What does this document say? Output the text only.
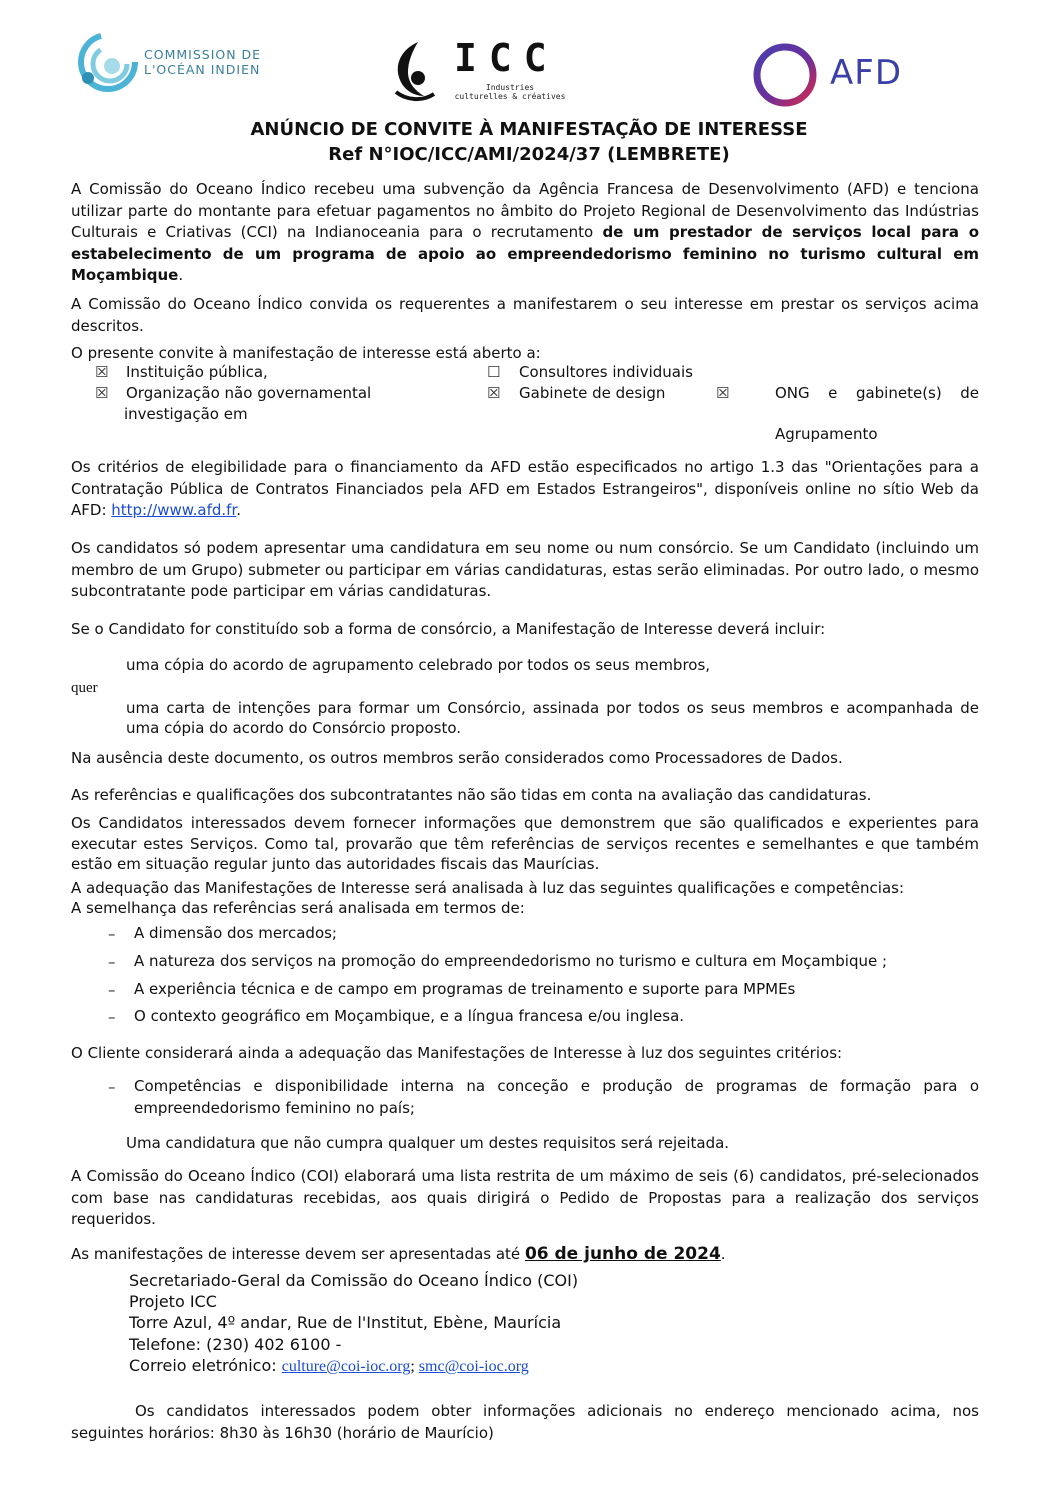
COMMISSION DE
L'OCÉAN INDIEN	ICC
Industries
culturelles & créatives
AFD
ANÚNCIO DE CONVITE À MANIFESTAÇÃO DE INTERESSE
Ref N°IOC/ICC/AMI/2024/37 (LEMBRETE)
A Comissão do Oceano Índico recebeu uma subvenção da Agência Francesa de Desenvolvimento (AFD) e tenciona utilizar parte do montante para efetuar pagamentos no âmbito do Projeto Regional de Desenvolvimento das Indústrias Culturais e Criativas (CCI) na Indianoceania para o recrutamento de um prestador de serviços local para o estabelecimento de um programa de apoio ao empreendedorismo feminino no turismo cultural em Moçambique.
A Comissão do Oceano Índico convida os requerentes a manifestarem o seu interesse em prestar os serviços acima descritos.
O presente convite à manifestação de interesse está aberto a:
☒ Instituição pública,	☐ Consultores individuais
☒ Organização não governamental	☒ Gabinete de design	☒	ONG e gabinete(s) de
investigação em
Agrupamento
Os critérios de elegibilidade para o financiamento da AFD estão especificados no artigo 1.3 das "Orientações para a Contratação Pública de Contratos Financiados pela AFD em Estados Estrangeiros", disponíveis online no sítio Web da AFD: http://www.afd.fr.
Os candidatos só podem apresentar uma candidatura em seu nome ou num consórcio. Se um Candidato (incluindo um membro de um Grupo) submeter ou participar em várias candidaturas, estas serão eliminadas. Por outro lado, o mesmo subcontratante pode participar em várias candidaturas.
Se o Candidato for constituído sob a forma de consórcio, a Manifestação de Interesse deverá incluir:
uma cópia do acordo de agrupamento celebrado por todos os seus membros,
quer
uma carta de intenções para formar um Consórcio, assinada por todos os seus membros e acompanhada de uma cópia do acordo do Consórcio proposto.
Na ausência deste documento, os outros membros serão considerados como Processadores de Dados.
As referências e qualificações dos subcontratantes não são tidas em conta na avaliação das candidaturas.
Os Candidatos interessados devem fornecer informações que demonstrem que são qualificados e experientes para executar estes Serviços. Como tal, provarão que têm referências de serviços recentes e semelhantes e que também estão em situação regular junto das autoridades fiscais das Maurícias.
A adequação das Manifestações de Interesse será analisada à luz das seguintes qualificações e competências:
A semelhança das referências será analisada em termos de:
– A dimensão dos mercados;
– A natureza dos serviços na promoção do empreendedorismo no turismo e cultura em Moçambique ;
– A experiência técnica e de campo em programas de treinamento e suporte para MPMEs
– O contexto geográfico em Moçambique, e a língua francesa e/ou inglesa.
O Cliente considerará ainda a adequação das Manifestações de Interesse à luz dos seguintes critérios:
– Competências e disponibilidade interna na conceção e produção de programas de formação para o empreendedorismo feminino no país;
Uma candidatura que não cumpra qualquer um destes requisitos será rejeitada.
A Comissão do Oceano Índico (COI) elaborará uma lista restrita de um máximo de seis (6) candidatos, pré-selecionados com base nas candidaturas recebidas, aos quais dirigirá o Pedido de Propostas para a realização dos serviços requeridos.
As manifestações de interesse devem ser apresentadas até 06 de junho de 2024.
Secretariado-Geral da Comissão do Oceano Índico (COI)
Projeto ICC
Torre Azul, 4º andar, Rue de l'Institut, Ebène, Maurícia
Telefone: (230) 402 6100 -
Correio eletrónico: culture@coi-ioc.org; smc@coi-ioc.org
Os candidatos interessados podem obter informações adicionais no endereço mencionado acima, nos seguintes horários: 8h30 às 16h30 (horário de Maurício)
